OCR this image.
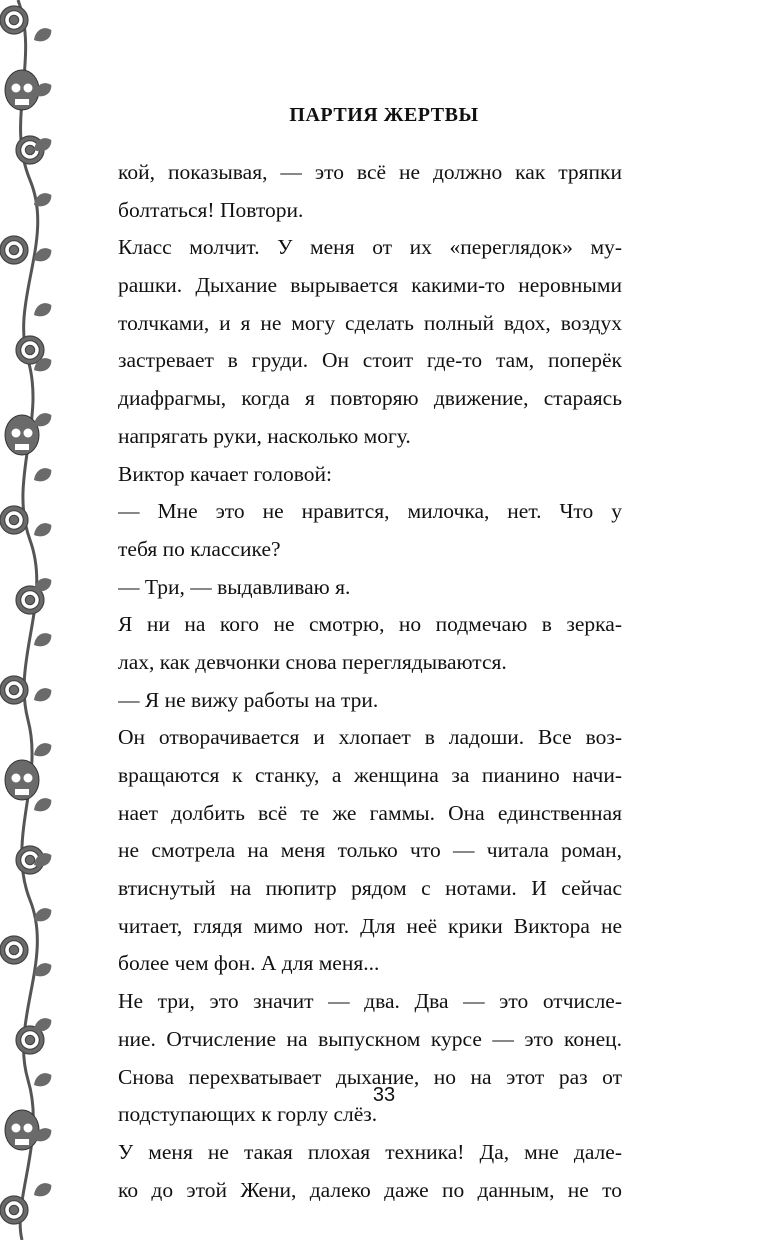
ПАРТИЯ ЖЕРТВЫ
кой, показывая, — это всё не должно как тряпки
болтаться! Повтори.
Класс молчит. У меня от их «переглядок» му-
рашки. Дыхание вырывается какими-то неровными
толчками, и я не могу сделать полный вдох, воздух
застревает в груди. Он стоит где-то там, поперёк
диафрагмы, когда я повторяю движение, стараясь
напрягать руки, насколько могу.
Виктор качает головой:
— Мне это не нравится, милочка, нет. Что у
тебя по классике?
— Три, — выдавливаю я.
Я ни на кого не смотрю, но подмечаю в зерка-
лах, как девчонки снова переглядываются.
— Я не вижу работы на три.
Он отворачивается и хлопает в ладоши. Все воз-
вращаются к станку, а женщина за пианино начи-
нает долбить всё те же гаммы. Она единственная
не смотрела на меня только что — читала роман,
втиснутый на пюпитр рядом с нотами. И сейчас
читает, глядя мимо нот. Для неё крики Виктора не
более чем фон. А для меня...
Не три, это значит — два. Два — это отчисле-
ние. Отчисление на выпускном курсе — это конец.
Снова перехватывает дыхание, но на этот раз от
подступающих к горлу слёз.
У меня не такая плохая техника! Да, мне дале-
ко до этой Жени, далеко даже по данным, не то
33
